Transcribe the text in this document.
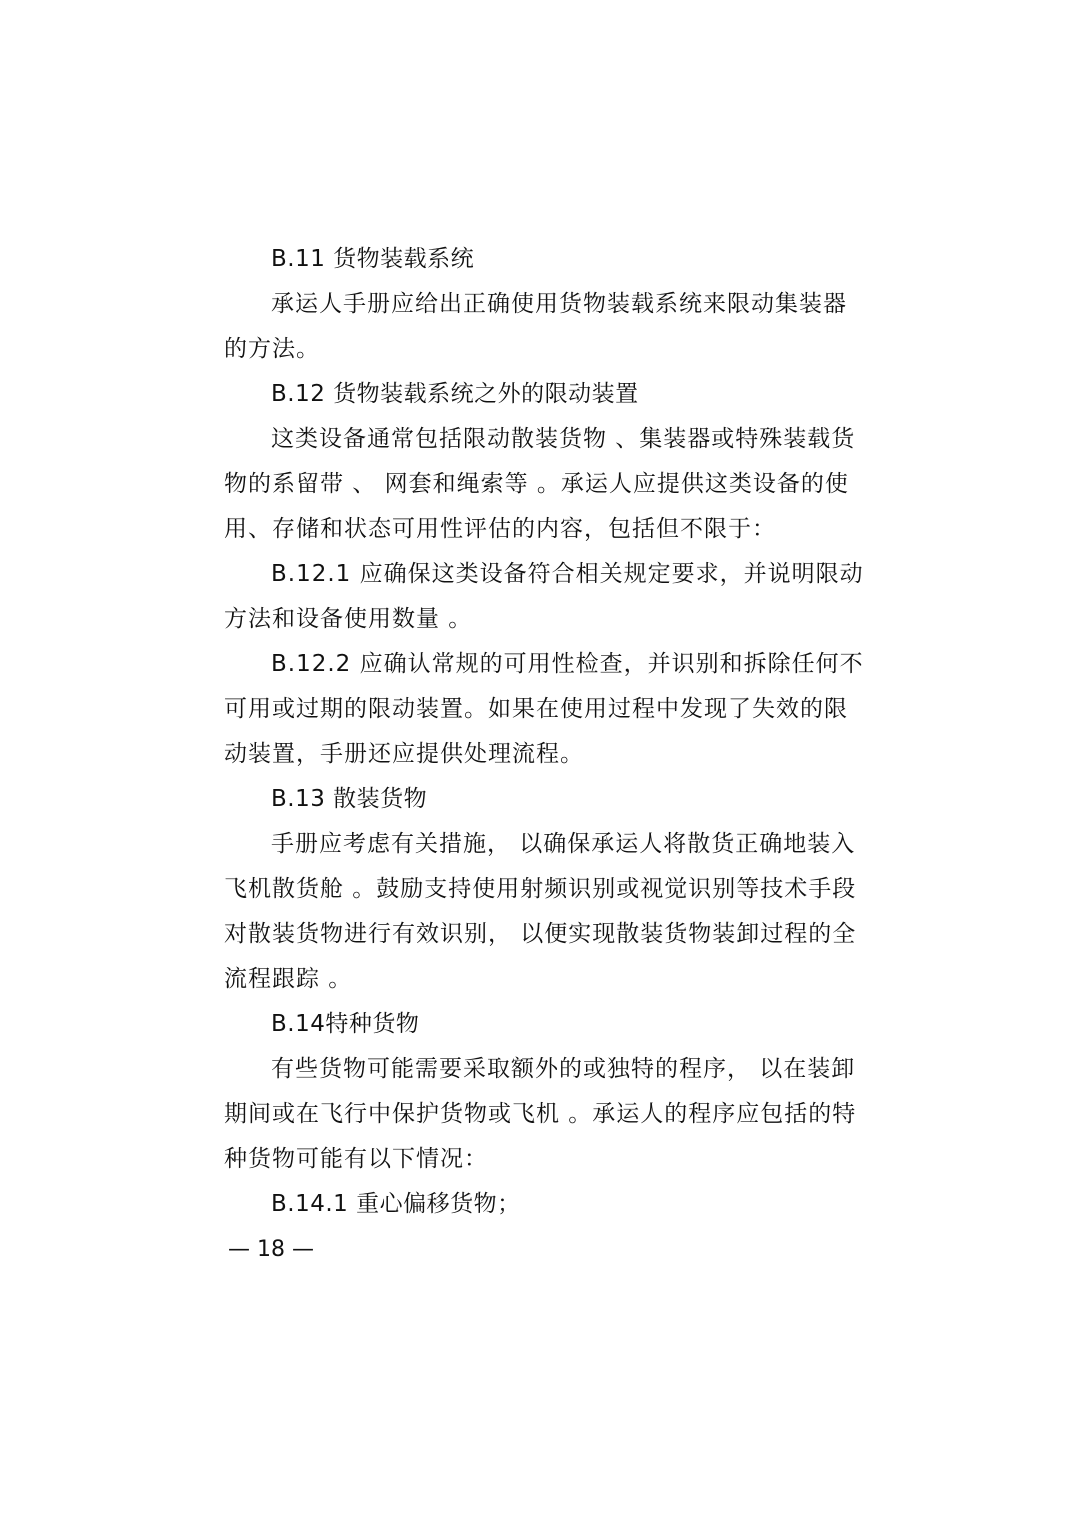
B.11 货物装载系统

承运人手册应给出正确使用货物装载系统来限动集装器的方法。

B.12 货物装载系统之外的限动装置

这类设备通常包括限动散装货物 、集装器或特殊装载货物的系留带 、 网套和绳索等 。承运人应提供这类设备的使用、存储和状态可用性评估的内容，包括但不限于：

B.12.1 应确保这类设备符合相关规定要求，并说明限动方法和设备使用数量 。

B.12.2 应确认常规的可用性检查，并识别和拆除任何不可用或过期的限动装置。如果在使用过程中发现了失效的限动装置，手册还应提供处理流程。

B.13 散装货物

手册应考虑有关措施， 以确保承运人将散货正确地装入飞机散货舱 。鼓励支持使用射频识别或视觉识别等技术手段对散装货物进行有效识别， 以便实现散装货物装卸过程的全流程跟踪 。

B.14特种货物

有些货物可能需要采取额外的或独特的程序， 以在装卸期间或在飞行中保护货物或飞机 。承运人的程序应包括的特种货物可能有以下情况：

B.14.1 重心偏移货物；

— 18 —
